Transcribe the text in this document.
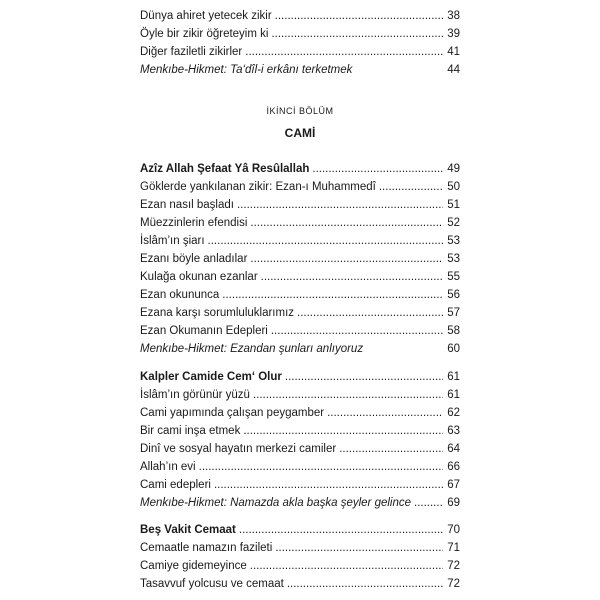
Dünya ahiret yetecek zikir .....	38
Öyle bir zikir öğreteyim ki .....	39
Diğer faziletli zikirler .....	41
Menkıbe-Hikmet: Ta‘dîl-i erkânı terketmek	44
İKİNCİ BÖLÜM
CAMİ
Azîz Allah Şefaat Yâ Resûlallah .....	49
Göklerde yankılanan zikir: Ezan-ı Muhammedî .....	50
Ezan nasıl başladı .....	51
Müezzinlerin efendisi .....	52
İslâm’ın şiarı .....	53
Ezanı böyle anladılar .....	53
Kulağa okunan ezanlar .....	55
Ezan okununca .....	56
Ezana karşı sorumluluklarımız .....	57
Ezan Okumanın Edepleri .....	58
Menkıbe-Hikmet: Ezandan şunları anlıyoruz	60
Kalpler Camide Cem‘ Olur .....	61
İslâm’ın görünür yüzü .....	61
Cami yapımında çalışan peygamber .....	62
Bir cami inşa etmek .....	63
Dinî ve sosyal hayatın merkezi camiler .....	64
Allah’ın evi .....	66
Cami edepleri .....	67
Menkıbe-Hikmet: Namazda akla başka şeyler gelince .....	69
Beş Vakit Cemaat .....	70
Cemaatle namazın fazileti .....	71
Camiye gidemeyince .....	72
Tasavvuf yolcusu ve cemaat .....	72
